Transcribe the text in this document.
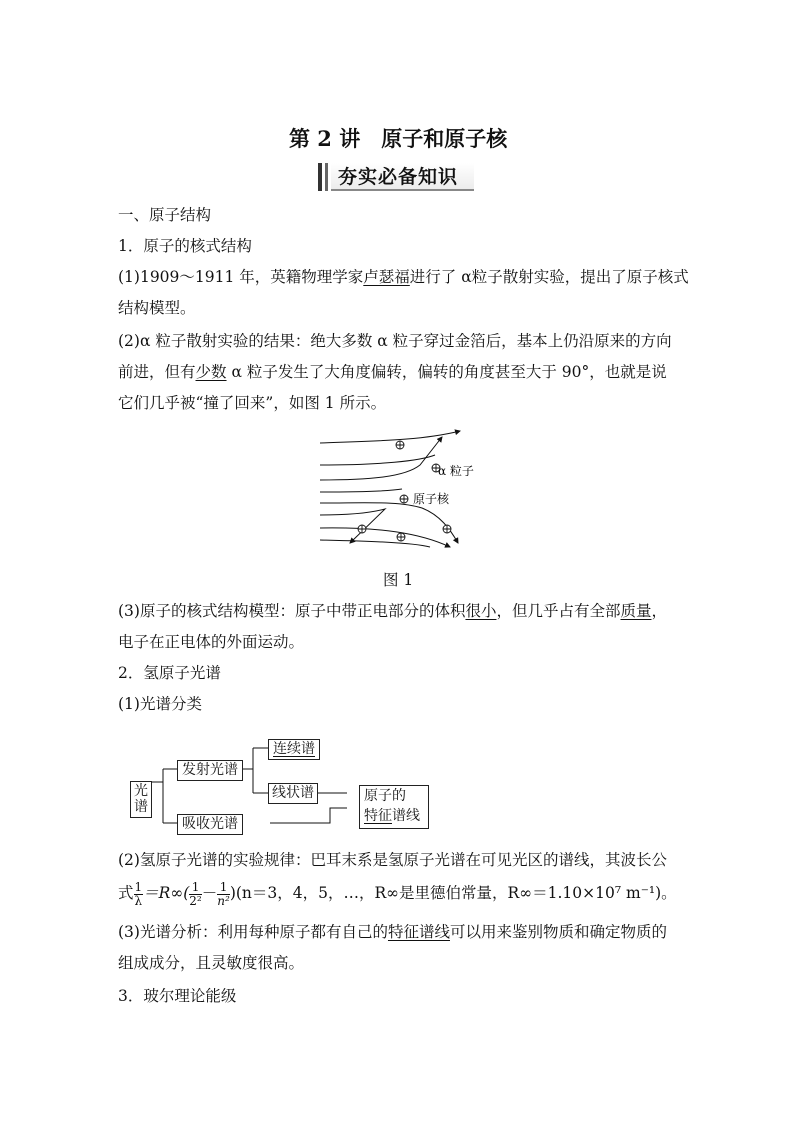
第 2 讲　原子和原子核
夯实必备知识
一、原子结构
1．原子的核式结构
(1)1909～1911 年，英籍物理学家卢瑟福进行了 α粒子散射实验，提出了原子核式
结构模型。
(2)α 粒子散射实验的结果：绝大多数 α 粒子穿过金箔后，基本上仍沿原来的方向
前进，但有少数 α 粒子发生了大角度偏转，偏转的角度甚至大于 90°，也就是说
它们几乎被“撞了回来”，如图 1 所示。
α 粒子
原子核
图 1
(3)原子的核式结构模型：原子中带正电部分的体积很小，但几乎占有全部质量，
电子在正电体的外面运动。
2．氢原子光谱
(1)光谱分类
光谱
发射光谱
吸收光谱
连续谱
线状谱	原子的
特征谱线
(2)氢原子光谱的实验规律：巴耳末系是氢原子光谱在可见光区的谱线，其波长公
式 $\frac{1}{\lambda} =R\infty( \frac{1}{\text{2²}} - \frac{1}{\text{n²}} )(n=3$，4，5，…，R∞是里德伯常量，R∞＝1.10×10⁷ m⁻¹)。
(3)光谱分析：利用每种原子都有自己的特征谱线可以用来鉴别物质和确定物质的
组成成分，且灵敏度很高。
3．玻尔理论能级
